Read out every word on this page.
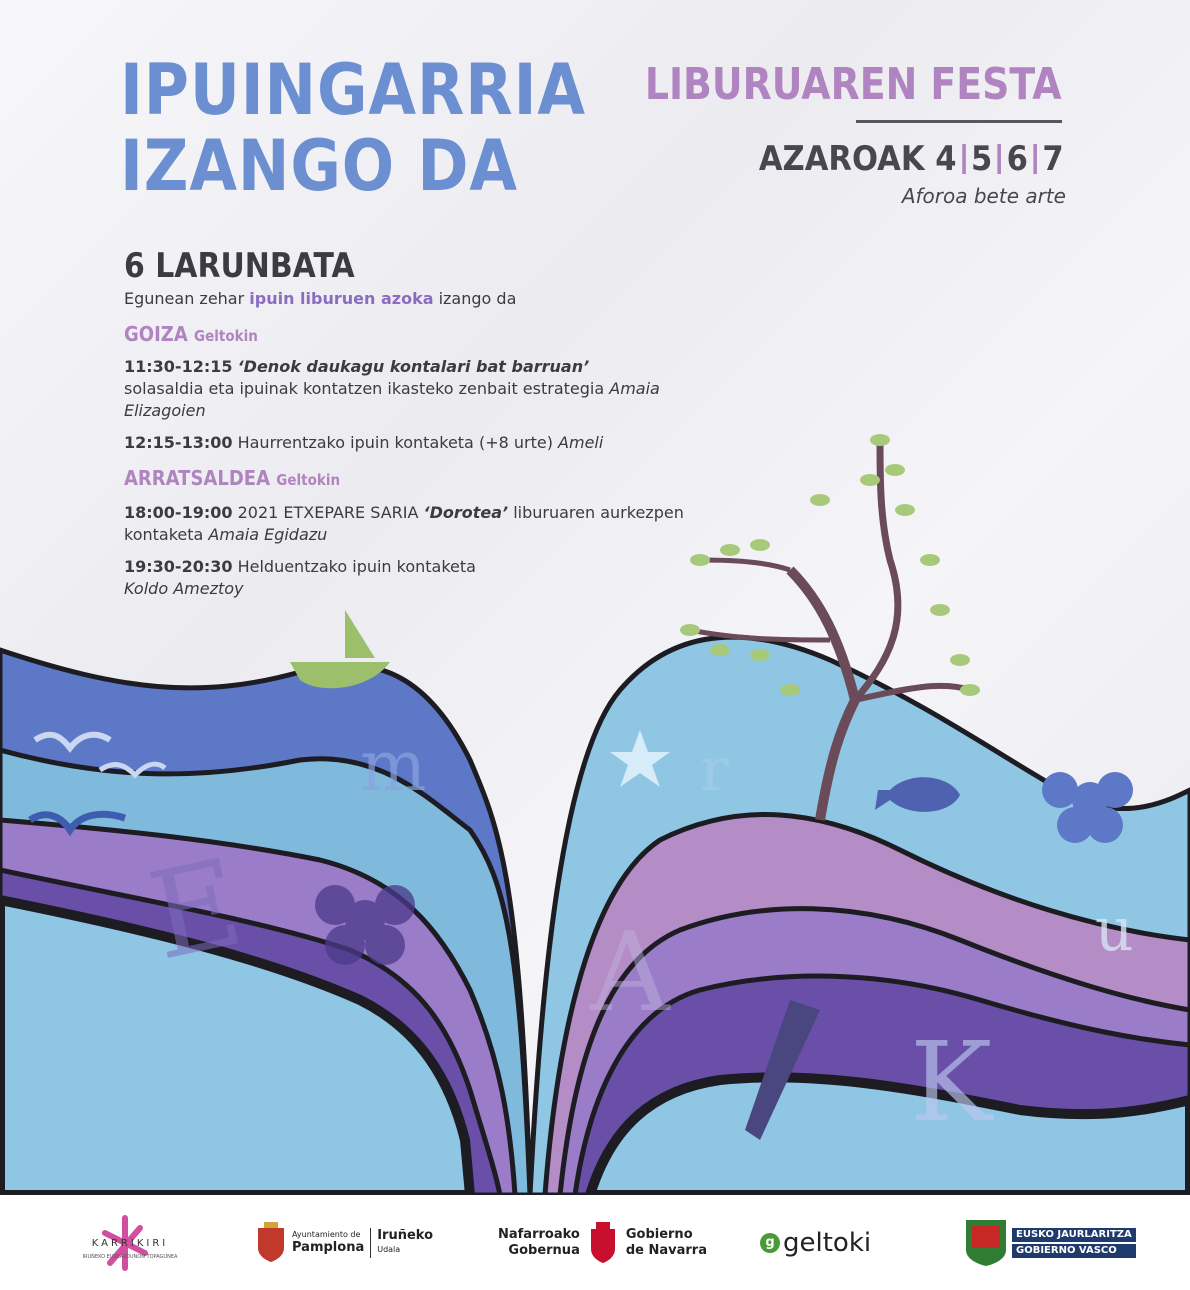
m	r
E	A
K
u
IPUINGARRIA
IZANGO DA
LIBURUAREN FESTA
AZAROAK 4 5 6 7
Aforoa bete arte
6 LARUNBATA
Egunean zehar ipuin liburuen azoka izango da
GOIZA Geltokin
11:30-12:15 ‘Denok daukagu kontalari bat barruan’
solasaldia eta ipuinak kontatzen ikasteko zenbait estrategia Amaia Elizagoien
12:15-13:00 Haurrentzako ipuin kontaketa (+8 urte) Ameli
ARRATSALDEA Geltokin
18:00-19:00 2021 ETXEPARE SARIA ‘Dorotea’ liburuaren aurkezpen kontaketa Amaia Egidazu
19:30-20:30 Helduentzako ipuin kontaketa
Koldo Ameztoy
KARRIKIRI
IRUÑEKO EUSKALDUNON TOPAGUNEA
Ayuntamiento de
Pamplona
Iruñeko
Udala
Nafarroako
Gobernua
Gobierno
de Navarra
g geltoki	EUSKO JAURLARITZA
GOBIERNO VASCO
